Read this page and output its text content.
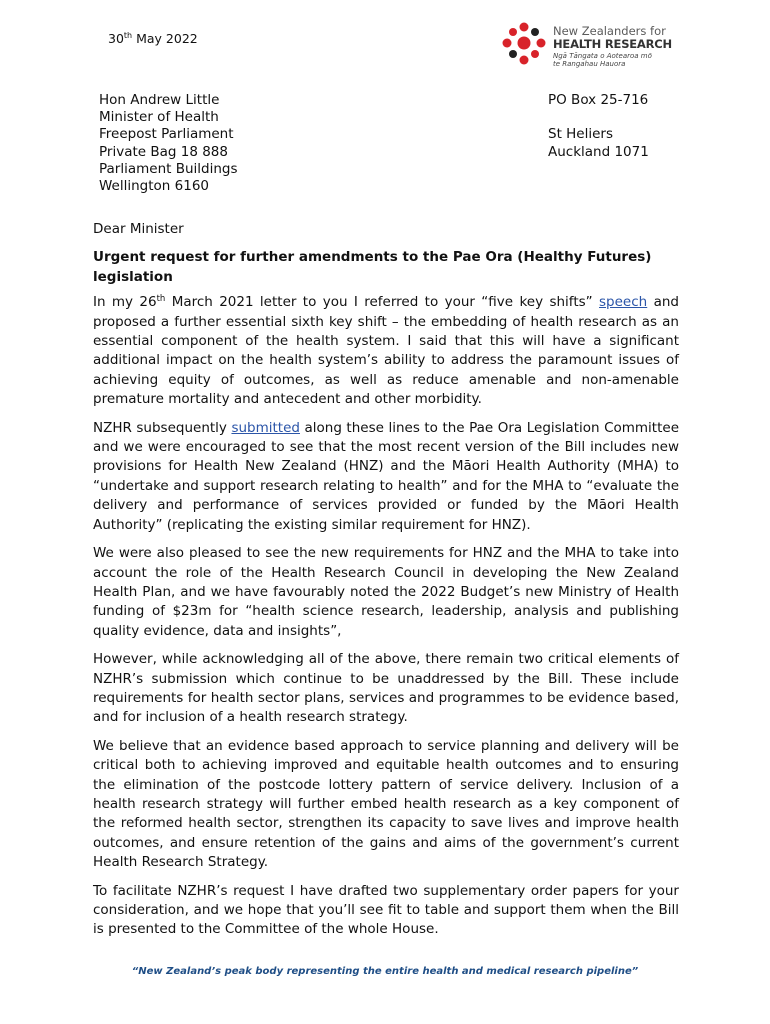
30th May 2022	New Zealanders for
HEALTH RESEARCH
Ngā Tāngata o Aotearoa mō
te Rangahau Hauora
Hon Andrew Little
Minister of Health
Freepost Parliament
Private Bag 18 888
Parliament Buildings
Wellington 6160
PO Box 25-716
St Heliers
Auckland 1071

Dear Minister

Urgent request for further amendments to the Pae Ora (Healthy Futures) legislation

In my 26th March 2021 letter to you I referred to your “five key shifts” speech and proposed a further essential sixth key shift – the embedding of health research as an essential component of the health system. I said that this will have a significant additional impact on the health system’s ability to address the paramount issues of achieving equity of outcomes, as well as reduce amenable and non-amenable premature mortality and antecedent and other morbidity.

NZHR subsequently submitted along these lines to the Pae Ora Legislation Committee and we were encouraged to see that the most recent version of the Bill includes new provisions for Health New Zealand (HNZ) and the Māori Health Authority (MHA) to “undertake and support research relating to health” and for the MHA to “evaluate the delivery and performance of services provided or funded by the Māori Health Authority” (replicating the existing similar requirement for HNZ).

We were also pleased to see the new requirements for HNZ and the MHA to take into account the role of the Health Research Council in developing the New Zealand Health Plan, and we have favourably noted the 2022 Budget’s new Ministry of Health funding of $23m for “health science research, leadership, analysis and publishing quality evidence, data and insights”,

However, while acknowledging all of the above, there remain two critical elements of NZHR’s submission which continue to be unaddressed by the Bill. These include requirements for health sector plans, services and programmes to be evidence based, and for inclusion of a health research strategy.

We believe that an evidence based approach to service planning and delivery will be critical both to achieving improved and equitable health outcomes and to ensuring the elimination of the postcode lottery pattern of service delivery. Inclusion of a health research strategy will further embed health research as a key component of the reformed health sector, strengthen its capacity to save lives and improve health outcomes, and ensure retention of the gains and aims of the government’s current Health Research Strategy.

To facilitate NZHR’s request I have drafted two supplementary order papers for your consideration, and we hope that you’ll see fit to table and support them when the Bill is presented to the Committee of the whole House.

“New Zealand’s peak body representing the entire health and medical research pipeline”
